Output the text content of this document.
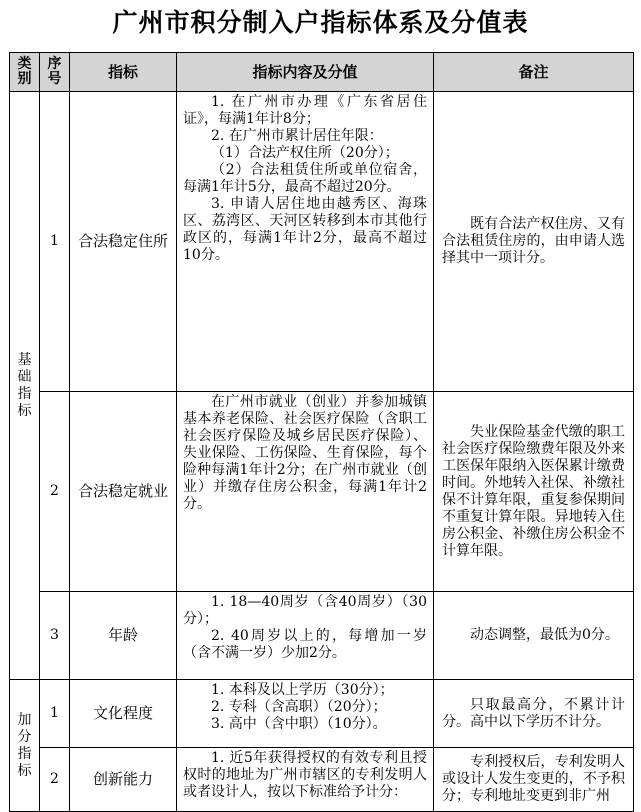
广州市积分制入户指标体系及分值表
类别	序号	指标	指标内容及分值	备注
基础指标	1	合法稳定住所	1. 在广州市办理《广东省居住证》，每满1年计8分；
2. 在广州市累计居住年限：
（1）合法产权住所（20分）；
（2）合法租赁住所或单位宿舍，每满1年计5分，最高不超过20分。
3. 申请人居住地由越秀区、海珠区、荔湾区、天河区转移到本市其他行政区的，每满1年计2分，最高不超过10分。	既有合法产权住房、又有合法租赁住房的，由申请人选择其中一项计分。

	2	合法稳定就业	在广州市就业（创业）并参加城镇基本养老保险、社会医疗保险（含职工社会医疗保险及城乡居民医疗保险）、失业保险、工伤保险、生育保险，每个险种每满1年计2分；在广州市就业（创业）并缴存住房公积金，每满1年计2分。	失业保险基金代缴的职工社会医疗保险缴费年限及外来工医保年限纳入医保累计缴费时间。外地转入社保、补缴社保不计算年限，重复参保期间不重复计算年限。异地转入住房公积金、补缴住房公积金不计算年限。

	3	年龄	1. 18—40周岁（含40周岁）（30分）；
2. 40周岁以上的，每增加一岁（含不满一岁）少加2分。	动态调整，最低为0分。

加分指标	1	文化程度	1. 本科及以上学历（30分）；
2. 专科（含高职）（20分）；
3. 高中（含中职）（10分）。	只取最高分，不累计计分。高中以下学历不计分。

	2	创新能力	1. 近5年获得授权的有效专利且授权时的地址为广州市辖区的专利发明人或者设计人，按以下标准给予计分：	专利授权后，专利发明人或设计人发生变更的，不予积分；专利地址变更到非广州
